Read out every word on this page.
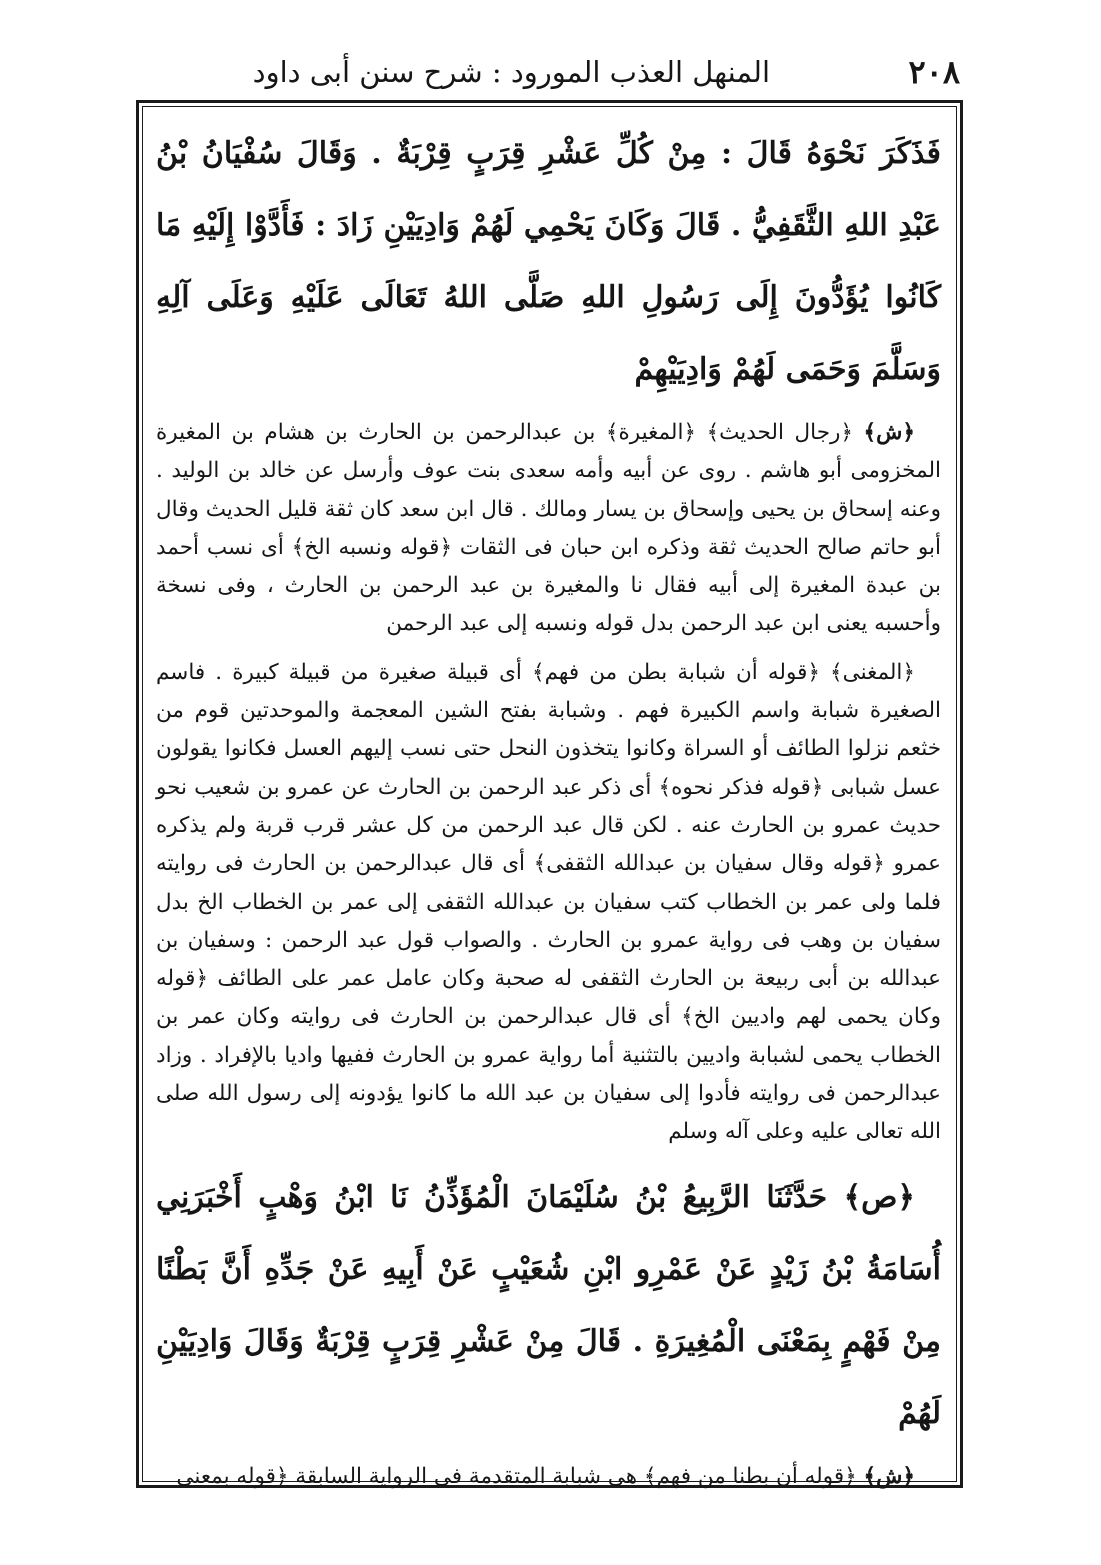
٢٠٨
المنهل العذب المورود : شرح سنن أبى داود

فَذَكَرَ نَحْوَهُ قَالَ : مِنْ كُلِّ عَشْرِ قِرَبٍ قِرْبَةٌ . وَقَالَ سُفْيَانُ بْنُ عَبْدِ اللهِ الثَّقَفِيُّ . قَالَ وَكَانَ يَحْمِي لَهُمْ وَادِيَيْنِ زَادَ : فَأَدَّوْا إِلَيْهِ مَا كَانُوا يُؤَدُّونَ إِلَى رَسُولِ اللهِ صَلَّى اللهُ تَعَالَى عَلَيْهِ وَعَلَى آلِهِ وَسَلَّمَ وَحَمَى لَهُمْ وَادِيَيْهِمْ

﴿ش﴾ ﴿رجال الحديث﴾ ﴿المغيرة﴾ بن عبدالرحمن بن الحارث بن هشام بن المغيرة المخزومى أبو هاشم . روى عن أبيه وأمه سعدى بنت عوف وأرسل عن خالد بن الوليد . وعنه إسحاق بن يحيى وإسحاق بن يسار ومالك . قال ابن سعد كان ثقة قليل الحديث وقال أبو حاتم صالح الحديث ثقة وذكره ابن حبان فى الثقات ﴿قوله ونسبه الخ﴾ أى نسب أحمد بن عبدة المغيرة إلى أبيه فقال نا والمغيرة بن عبد الرحمن بن الحارث ، وفى نسخة وأحسبه يعنى ابن عبد الرحمن بدل قوله ونسبه إلى عبد الرحمن

﴿المغنى﴾ ﴿قوله أن شبابة بطن من فهم﴾ أى قبيلة صغيرة من قبيلة كبيرة . فاسم الصغيرة شبابة واسم الكبيرة فهم . وشبابة بفتح الشين المعجمة والموحدتين قوم من خثعم نزلوا الطائف أو السراة وكانوا يتخذون النحل حتى نسب إليهم العسل فكانوا يقولون عسل شبابى ﴿قوله فذكر نحوه﴾ أى ذكر عبد الرحمن بن الحارث عن عمرو بن شعيب نحو حديث عمرو بن الحارث عنه . لكن قال عبد الرحمن من كل عشر قرب قربة ولم يذكره عمرو ﴿قوله وقال سفيان بن عبدالله الثقفى﴾ أى قال عبدالرحمن بن الحارث فى روايته فلما ولى عمر بن الخطاب كتب سفيان بن عبدالله الثقفى إلى عمر بن الخطاب الخ بدل سفيان بن وهب فى رواية عمرو بن الحارث . والصواب قول عبد الرحمن : وسفيان بن عبدالله بن أبى ربيعة بن الحارث الثقفى له صحبة وكان عامل عمر على الطائف ﴿قوله وكان يحمى لهم واديين الخ﴾ أى قال عبدالرحمن بن الحارث فى روايته وكان عمر بن الخطاب يحمى لشبابة واديين بالتثنية أما رواية عمرو بن الحارث ففيها واديا بالإفراد . وزاد عبدالرحمن فى روايته فأدوا إلى سفيان بن عبد الله ما كانوا يؤدونه إلى رسول الله صلى الله تعالى عليه وعلى آله وسلم

﴿ص﴾ حَدَّثَنَا الرَّبِيعُ بْنُ سُلَيْمَانَ الْمُؤَذِّنُ نَا ابْنُ وَهْبٍ أَخْبَرَنِي أُسَامَةُ بْنُ زَيْدٍ عَنْ عَمْرِو ابْنِ شُعَيْبٍ عَنْ أَبِيهِ عَنْ جَدِّهِ أَنَّ بَطْنًا مِنْ فَهْمٍ بِمَعْنَى الْمُغِيرَةِ . قَالَ مِنْ عَشْرِ قِرَبٍ قِرْبَةٌ وَقَالَ وَادِيَيْنِ لَهُمْ

﴿ش﴾ ﴿قوله أن بطنا من فهم﴾ هى شبابة المتقدمة فى الرواية السابقة ﴿قوله بمعنى
